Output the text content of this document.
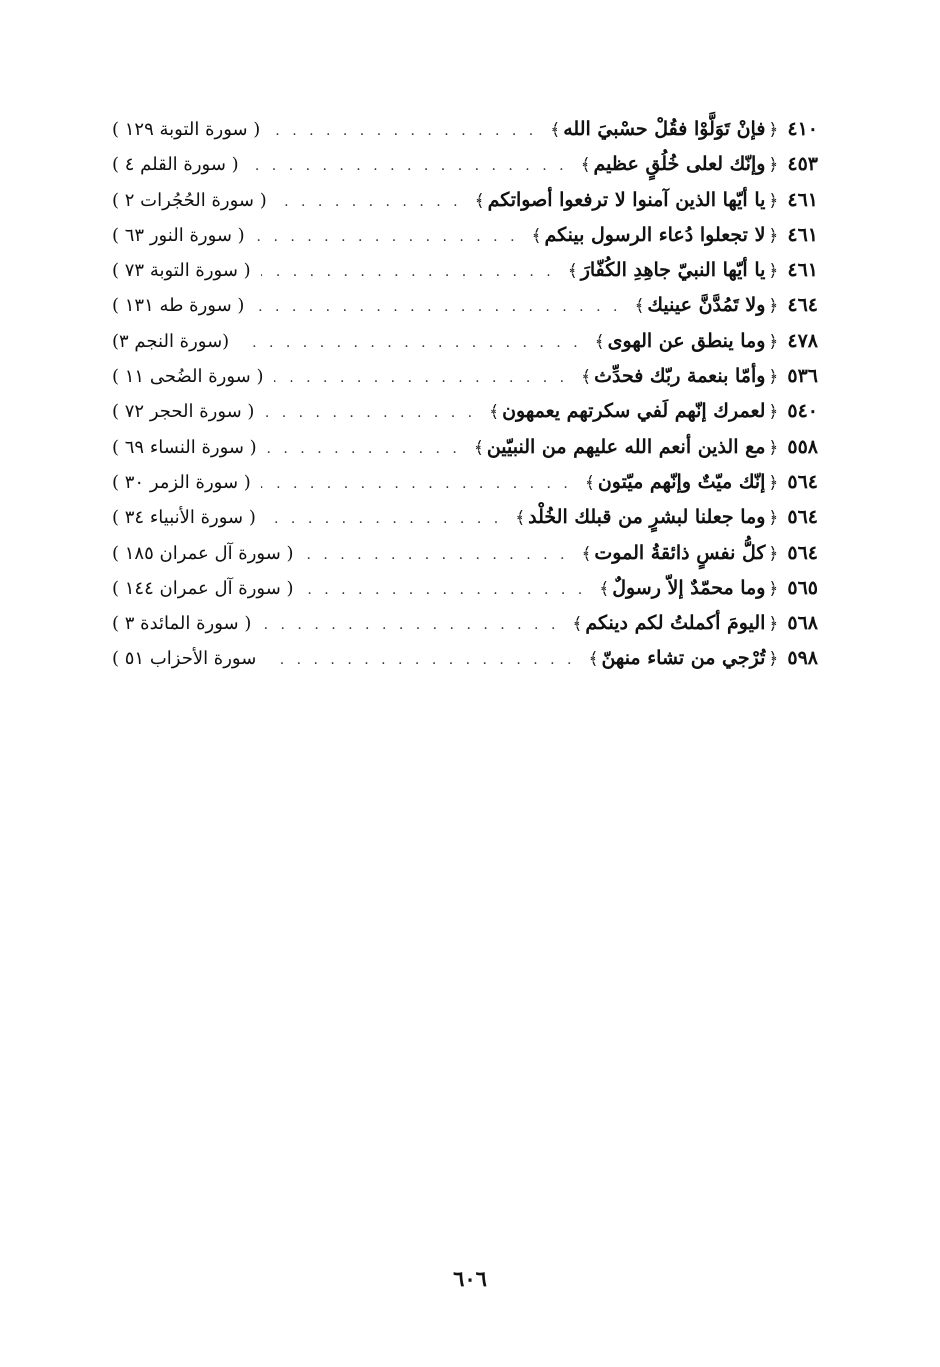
٤١٠
﴿فإنْ تَوَلَّوْا فقُلْ حسْبيَ الله﴾
. . .
( سورة التوبة ١٢٩ )
٤٥٣
﴿وإنّك لعلى خُلُقٍ عظيم﴾
. . .
( سورة القلم ٤ )
٤٦١
﴿يا أيّها الذين آمنوا لا ترفعوا أصواتكم﴾
. . .
( سورة الحُجُرات ٢ )
٤٦١
﴿لا تجعلوا دُعاء الرسول بينكم﴾
. . .
( سورة النور ٦٣ )
٤٦١
﴿يا أيّها النبيّ جاهِدِ الكُفّارَ﴾
. . .
( سورة التوبة ٧٣ )
٤٦٤
﴿ولا تَمُدَّنَّ عينيك﴾
. . .
( سورة طه ١٣١ )
٤٧٨
﴿وما ينطق عن الهوى﴾
. . .
(سورة النجم ٣)
٥٣٦
﴿وأمّا بنعمة ربّك فحدِّث﴾
. . .
( سورة الضُحى ١١ )
٥٤٠
﴿لعمرك إنّهم لَفي سكرتهم يعمهون﴾
. . .
( سورة الحجر ٧٢ )
٥٥٨
﴿مع الذين أنعم الله عليهم من النبيّين﴾
. . .
( سورة النساء ٦٩ )
٥٦٤
﴿إنّك ميّتٌ وإنّهم ميّتون﴾
. . .
( سورة الزمر ٣٠ )
٥٦٤
﴿وما جعلنا لبشرٍ من قبلك الخُلْد﴾
. . .
( سورة الأنبياء ٣٤ )
٥٦٤
﴿كلُّ نفسٍ ذائقةُ الموت﴾
. . .
( سورة آل عمران ١٨٥ )
٥٦٥
﴿وما محمّدٌ إلاّ رسولٌ﴾
. . .
( سورة آل عمران ١٤٤ )
٥٦٨
﴿اليومَ أكملتُ لكم دينكم﴾
. . .
( سورة المائدة ٣ )
٥٩٨
﴿تُرْجي من تشاء منهنّ﴾
. . .
سورة الأحزاب ٥١ )
٦٠٦
